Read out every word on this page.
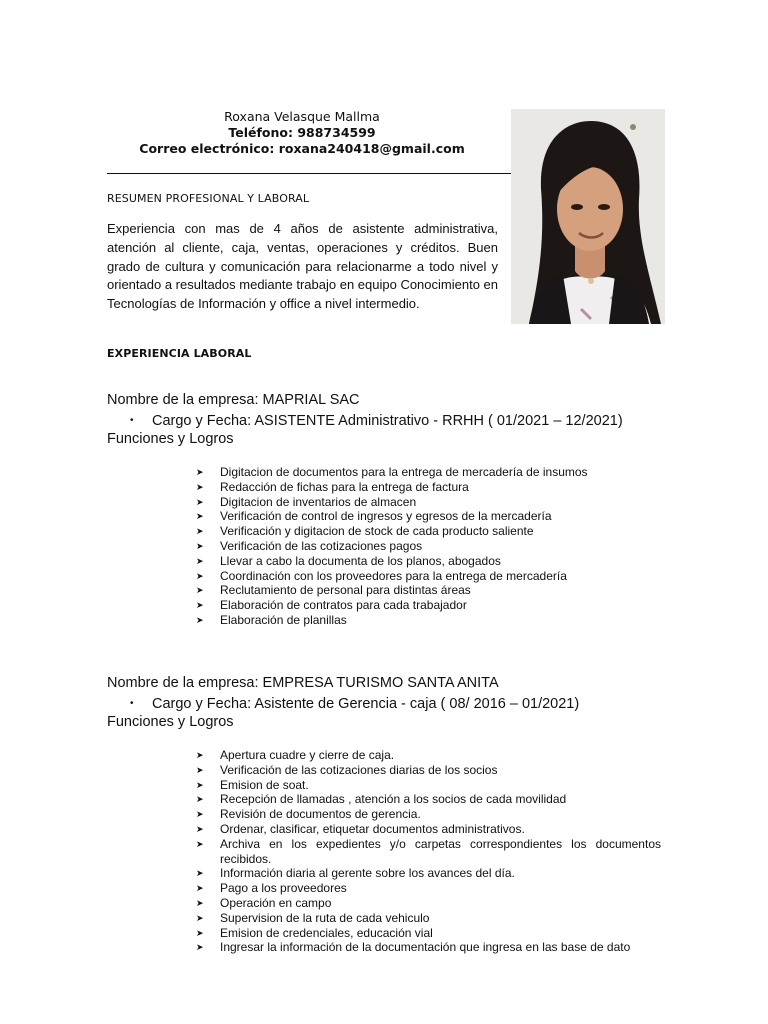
Roxana Velasque Mallma
Teléfono: 988734599
Correo electrónico: roxana240418@gmail.com
RESUMEN PROFESIONAL Y LABORAL
Experiencia con mas de 4 años de asistente administrativa, atención al cliente, caja, ventas, operaciones y créditos. Buen grado de cultura y comunicación para relacionarme a todo nivel y orientado a resultados mediante trabajo en equipo Conocimiento en Tecnologías de Información y office a nivel intermedio.
EXPERIENCIA LABORAL
Nombre de la empresa: MAPRIAL SAC
• Cargo y Fecha: ASISTENTE Administrativo - RRHH ( 01/2021 – 12/2021)
Funciones y Logros
➤	Digitacion de documentos para la entrega de mercadería de insumos
➤	Redacción de fichas para la entrega de factura
➤	Digitacion de inventarios de almacen
➤	Verificación de control de ingresos y egresos de la mercadería
➤	Verificación y digitacion de stock de cada producto saliente
➤	Verificación de las cotizaciones pagos
➤	Llevar a cabo la documenta de los planos, abogados
➤	Coordinación con los proveedores para la entrega de mercadería
➤	Reclutamiento de personal para distintas áreas
➤	Elaboración de contratos para cada trabajador
➤	Elaboración de planillas
Nombre de la empresa: EMPRESA TURISMO SANTA ANITA
• Cargo y Fecha: Asistente de Gerencia - caja ( 08/ 2016 – 01/2021)
Funciones y Logros
➤	Apertura cuadre y cierre de caja.
➤	Verificación de las cotizaciones diarias de los socios
➤	Emision de soat.
➤	Recepción de llamadas , atención a los socios de cada movilidad
➤	Revisión de documentos de gerencia.
➤	Ordenar, clasificar, etiquetar documentos administrativos.
➤	Archiva en los expedientes y/o carpetas correspondientes los documentos recibidos.
➤	Información diaria al gerente sobre los avances del día.
➤	Pago a los proveedores
➤	Operación en campo
➤	Supervision de la ruta de cada vehiculo
➤	Emision de credenciales, educación vial
➤	Ingresar la información de la documentación que ingresa en las base de dato
